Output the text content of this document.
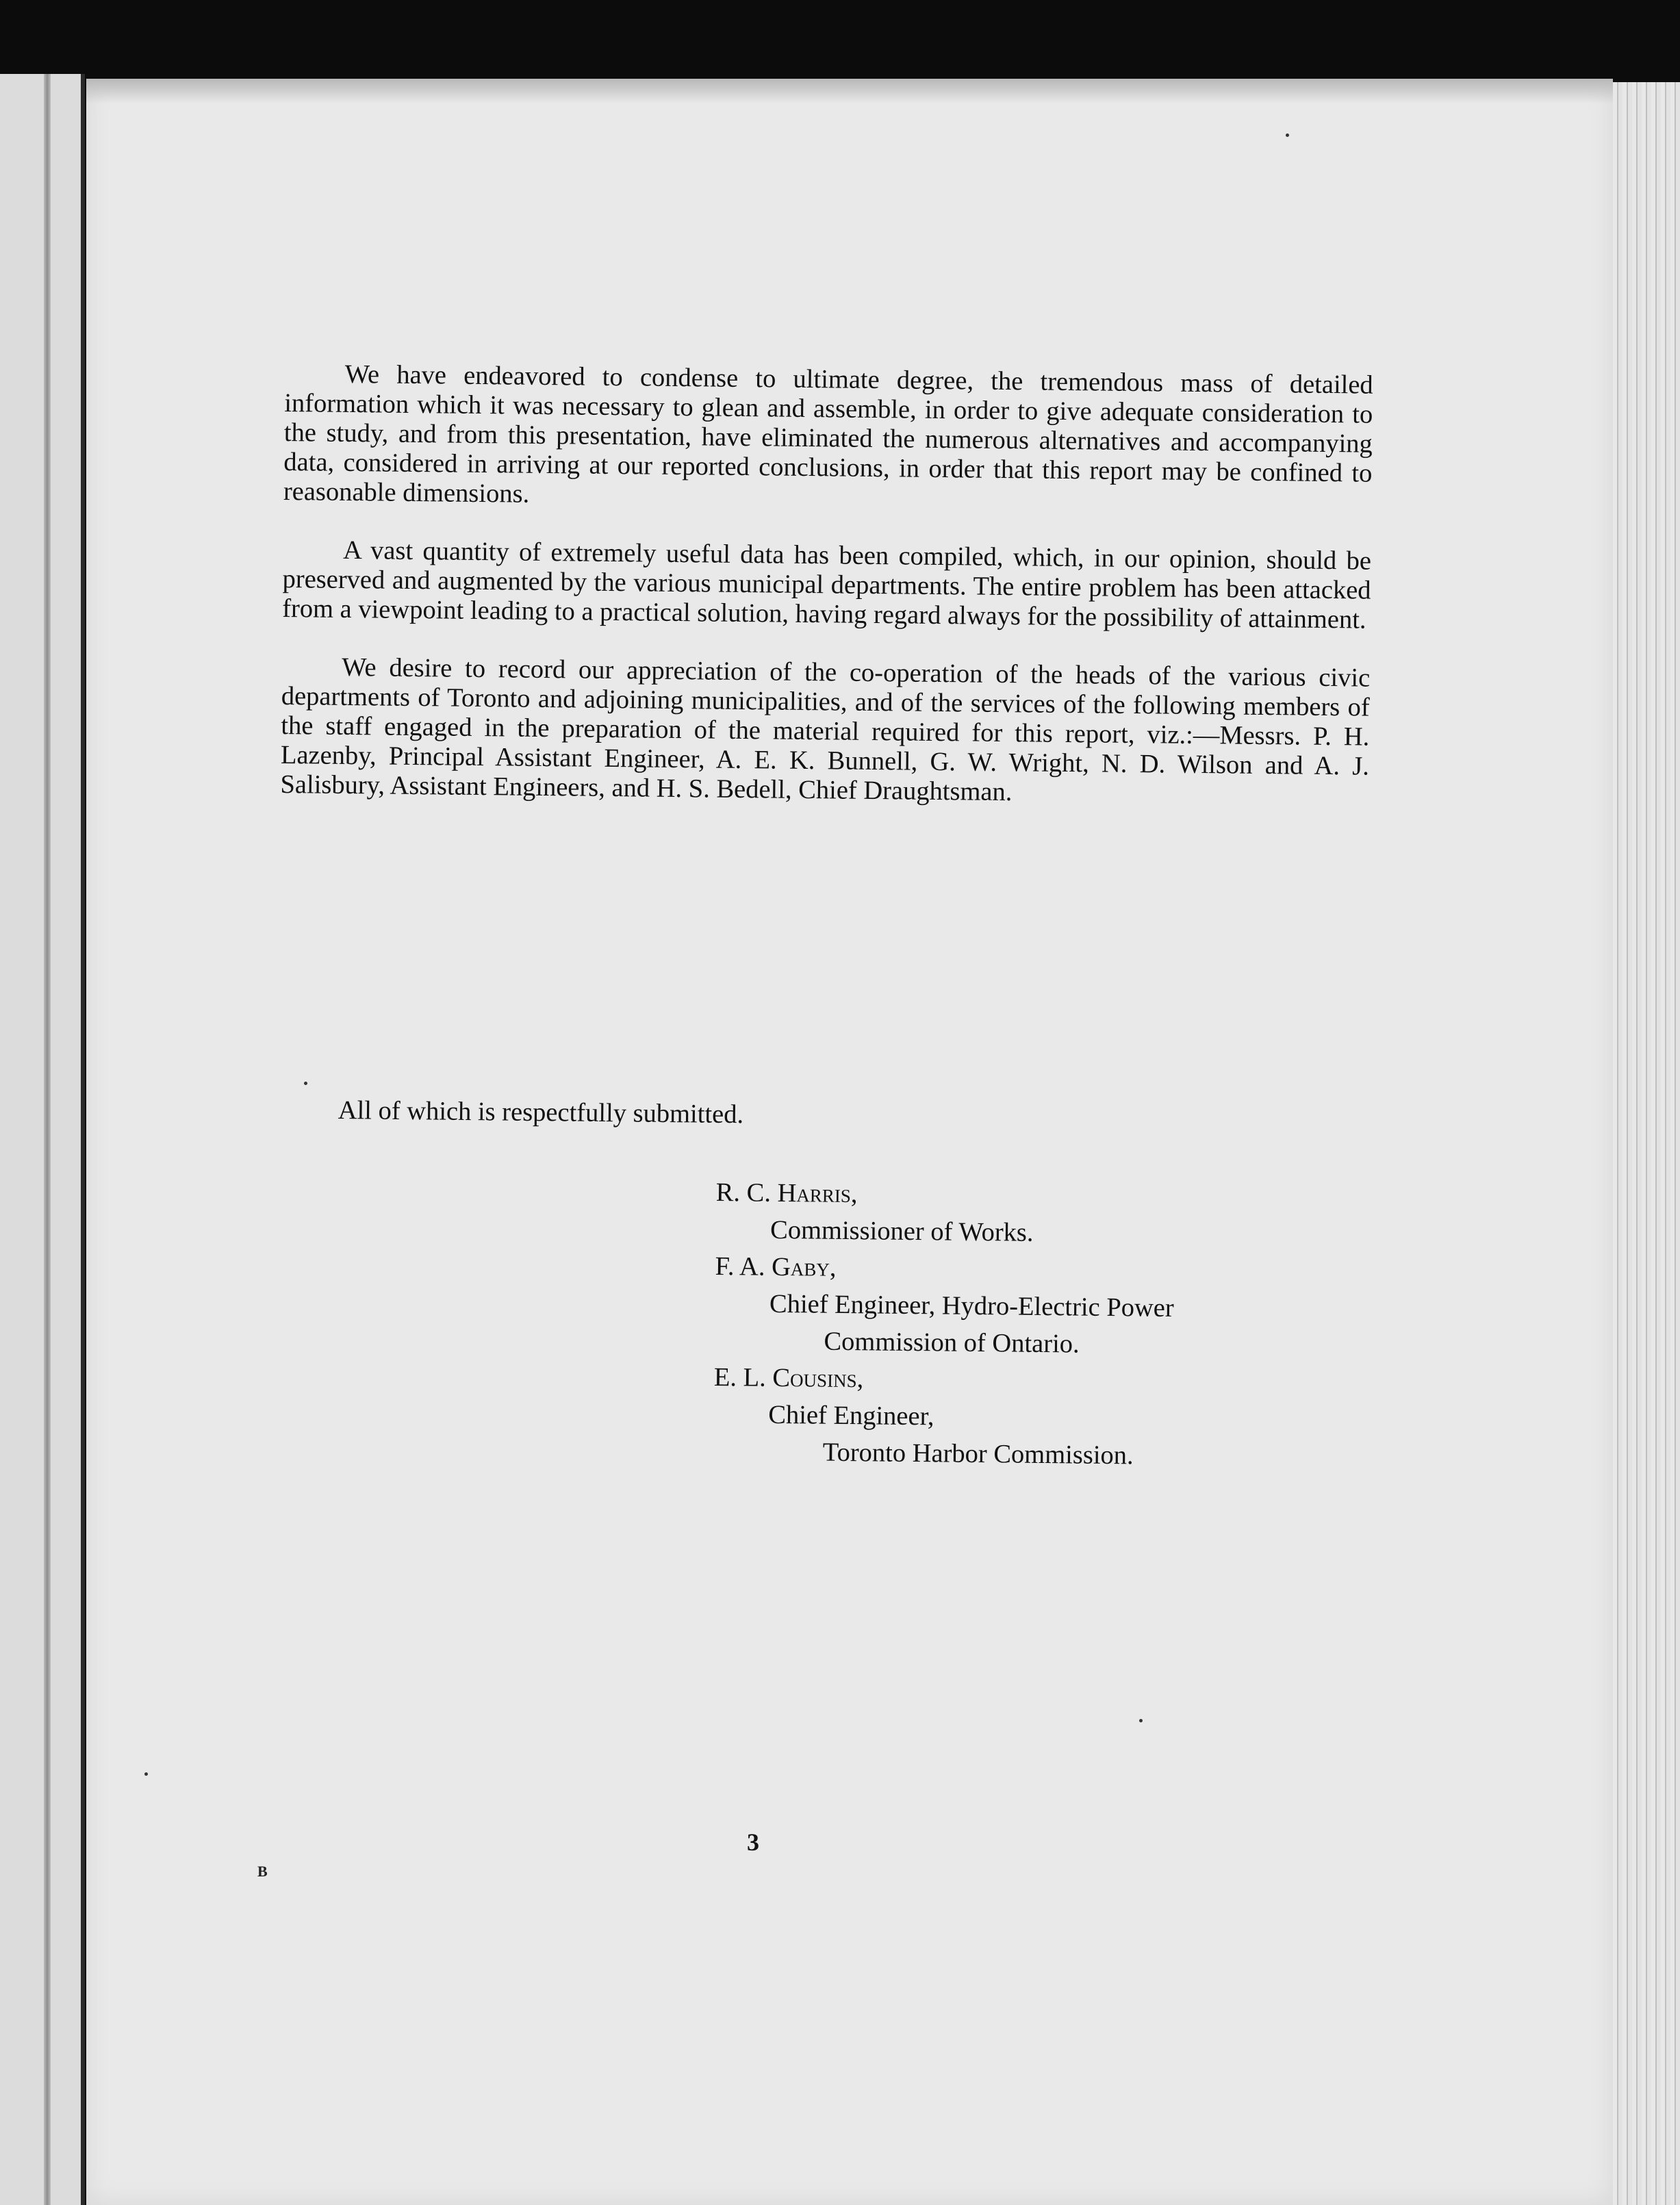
We have endeavored to condense to ultimate degree, the tremendous mass of detailed information which it was necessary to glean and assemble, in order to give adequate consideration to the study, and from this presentation, have eliminated the numerous alternatives and accompanying data, considered in arriving at our reported conclusions, in order that this report may be confined to reasonable dimensions.

A vast quantity of extremely useful data has been compiled, which, in our opinion, should be preserved and augmented by the various municipal departments. The entire problem has been attacked from a viewpoint leading to a practical solution, having regard always for the possibility of attainment.

We desire to record our appreciation of the co-operation of the heads of the various civic departments of Toronto and adjoining municipalities, and of the services of the following members of the staff engaged in the preparation of the material required for this report, viz.:—Messrs. P. H. Lazenby, Principal Assistant Engineer, A. E. K. Bunnell, G. W. Wright, N. D. Wilson and A. J. Salisbury, Assistant Engineers, and H. S. Bedell, Chief Draughtsman.

All of which is respectfully submitted.
R. C. Harris,
Commissioner of Works.
F. A. Gaby,
Chief Engineer, Hydro-Electric Power
Commission of Ontario.
E. L. Cousins,
Chief Engineer,
Toronto Harbor Commission.
3
B
